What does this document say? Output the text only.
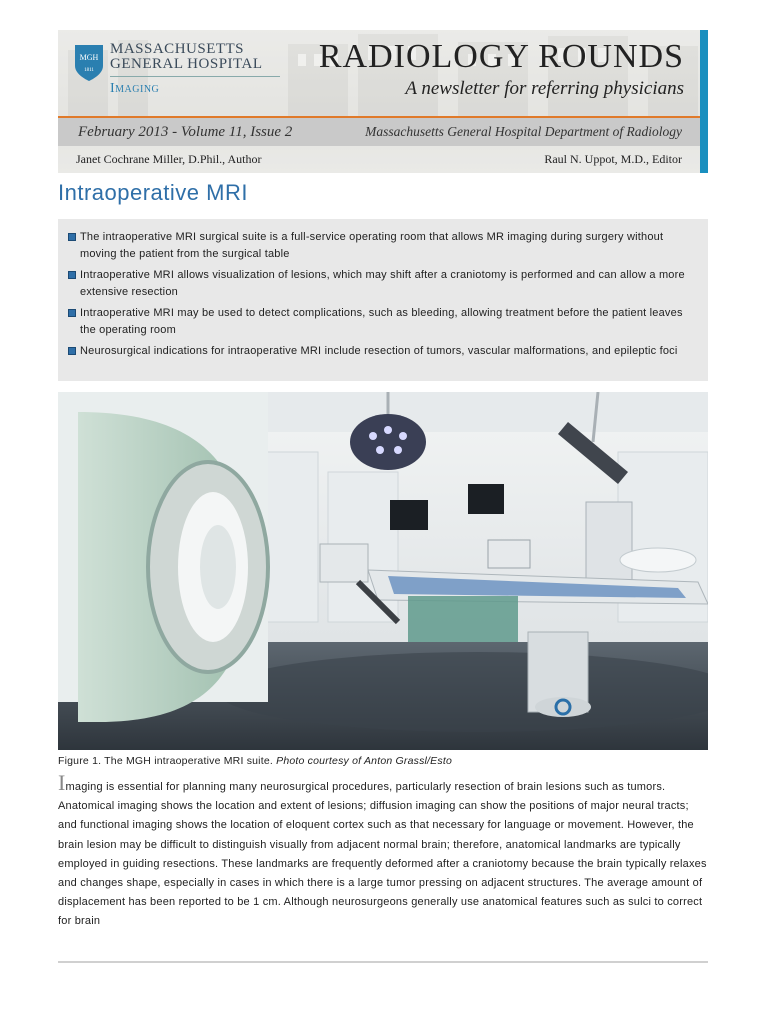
MGH
1811
MASSACHUSETTS
GENERAL HOSPITAL
Imaging
RADIOLOGY ROUNDS
A newsletter for referring physicians
February 2013 - Volume 11, Issue 2	Massachusetts General Hospital Department of Radiology
Janet Cochrane Miller, D.Phil., Author	Raul N. Uppot, M.D., Editor
Intraoperative MRI
The intraoperative MRI surgical suite is a full-service operating room that allows MR imaging during surgery without moving the patient from the surgical table
Intraoperative MRI allows visualization of lesions, which may shift after a craniotomy is performed and can allow a more extensive resection
Intraoperative MRI may be used to detect complications, such as bleeding, allowing treatment before the patient leaves the operating room
Neurosurgical indications for intraoperative MRI include resection of tumors, vascular malformations, and epileptic foci
Figure 1. The MGH intraoperative MRI suite. Photo courtesy of Anton Grassl/Esto
Imaging is essential for planning many neurosurgical procedures, particularly resection of brain lesions such as tumors. Anatomical imaging shows the location and extent of lesions; diffusion imaging can show the positions of major neural tracts; and functional imaging shows the location of eloquent cortex such as that necessary for language or movement. However, the brain lesion may be difficult to distinguish visually from adjacent normal brain; therefore, anatomical landmarks are typically employed in guiding resections. These landmarks are frequently deformed after a craniotomy because the brain typically relaxes and changes shape, especially in cases in which there is a large tumor pressing on adjacent structures. The average amount of displacement has been reported to be 1 cm. Although neurosurgeons generally use anatomical features such as sulci to correct for brain
